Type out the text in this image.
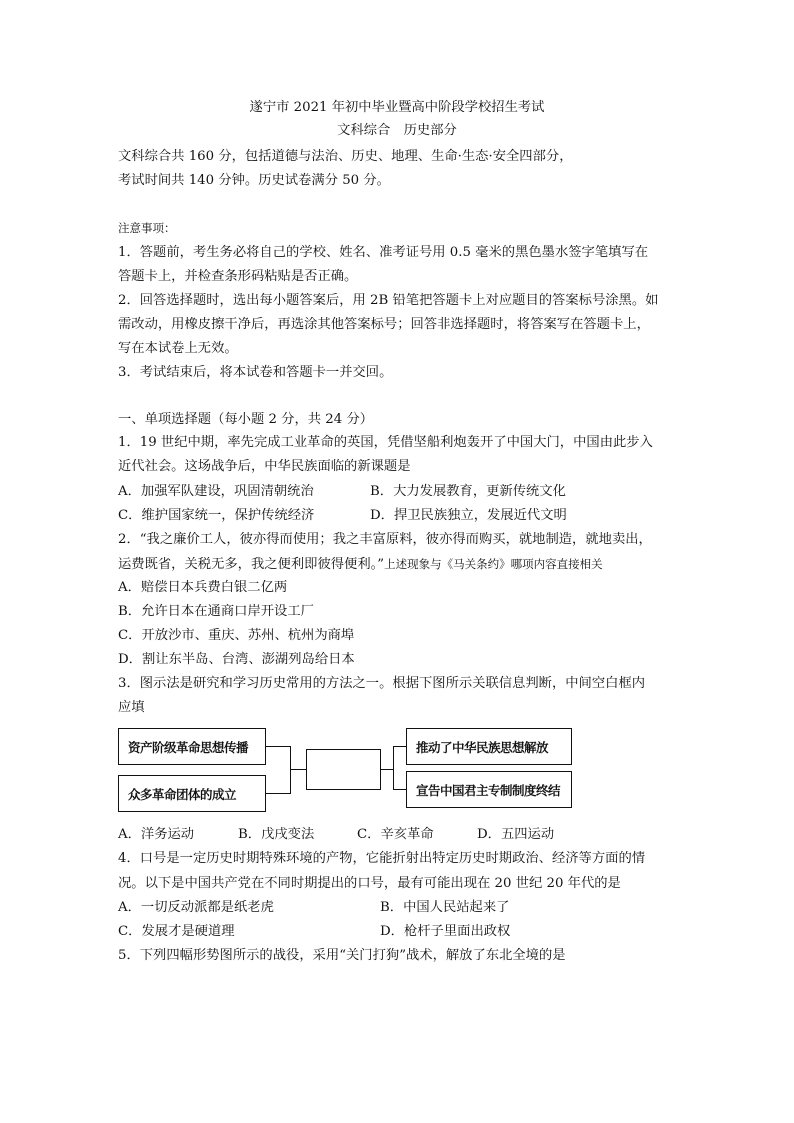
遂宁市 2021 年初中毕业暨高中阶段学校招生考试
文科综合　历史部分
文科综合共 160 分，包括道德与法治、历史、地理、生命·生态·安全四部分，
考试时间共 140 分钟。历史试卷满分 50 分。
注意事项：
1．答题前，考生务必将自己的学校、姓名、准考证号用 0.5 毫米的黑色墨水签字笔填写在
答题卡上，并检查条形码粘贴是否正确。
2．回答选择题时，选出每小题答案后，用 2B 铅笔把答题卡上对应题目的答案标号涂黑。如
需改动，用橡皮擦干净后，再选涂其他答案标号；回答非选择题时，将答案写在答题卡上，
写在本试卷上无效。
3．考试结束后，将本试卷和答题卡一并交回。
一、单项选择题（每小题 2 分，共 24 分）
1．19 世纪中期，率先完成工业革命的英国，凭借坚船利炮轰开了中国大门，中国由此步入
近代社会。这场战争后，中华民族面临的新课题是
A．加强军队建设，巩固清朝统治	B．大力发展教育，更新传统文化
C．维护国家统一，保护传统经济	D．捍卫民族独立，发展近代文明
2．“我之廉价工人，彼亦得而使用；我之丰富原料，彼亦得而购买，就地制造，就地卖出，
运费既省，关税无多，我之便利即彼得便利。”上述现象与《马关条约》哪项内容直接相关
A．赔偿日本兵费白银二亿两
B．允许日本在通商口岸开设工厂
C．开放沙市、重庆、苏州、杭州为商埠
D．割让东半岛、台湾、澎湖列岛给日本
3．图示法是研究和学习历史常用的方法之一。根据下图所示关联信息判断，中间空白框内
应填
资产阶级革命思想传播
众多革命团体的成立
推动了中华民族思想解放
宣告中国君主专制制度终结
A．洋务运动	B．戊戌变法	C．辛亥革命	D．五四运动
4．口号是一定历史时期特殊环境的产物，它能折射出特定历史时期政治、经济等方面的情
况。以下是中国共产党在不同时期提出的口号，最有可能出现在 20 世纪 20 年代的是
A．一切反动派都是纸老虎	B．中国人民站起来了
C．发展才是硬道理	D．枪杆子里面出政权
5．下列四幅形势图所示的战役，采用“关门打狗”战术，解放了东北全境的是
